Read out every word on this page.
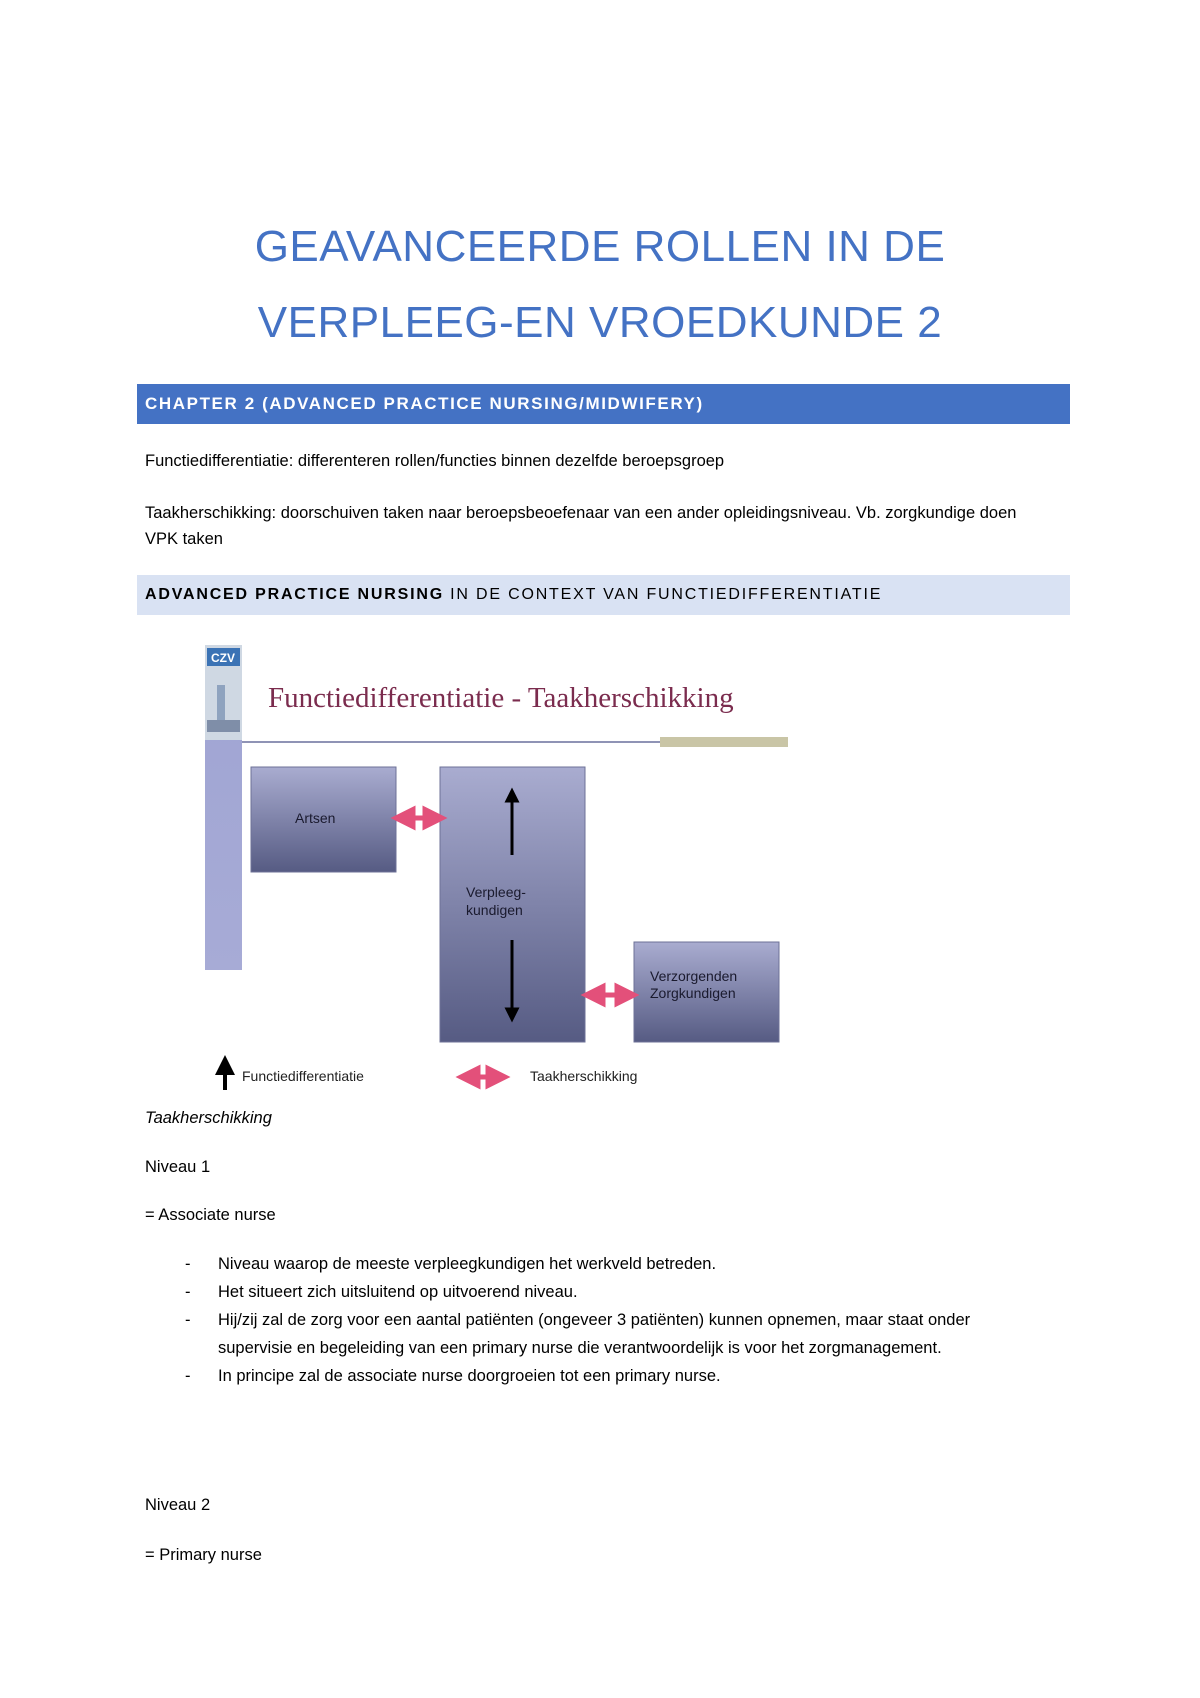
GEAVANCEERDE ROLLEN IN DE
VERPLEEG-EN VROEDKUNDE 2
CHAPTER 2 (ADVANCED PRACTICE NURSING/MIDWIFERY)
Functiedifferentiatie: differenteren rollen/functies binnen dezelfde beroepsgroep
Taakherschikking: doorschuiven taken naar beroepsbeoefenaar van een ander opleidingsniveau. Vb. zorgkundige doen VPK taken
ADVANCED PRACTICE NURSING IN DE CONTEXT VAN FUNCTIEDIFFERENTIATIE
CZV
Functiedifferentiatie - Taakherschikking
Artsen
Verpleeg-
kundigen
Verzorgenden
Zorgkundigen
Functiedifferentiatie	Taakherschikking
Taakherschikking
Niveau 1
= Associate nurse
- Niveau waarop de meeste verpleegkundigen het werkveld betreden.
- Het situeert zich uitsluitend op uitvoerend niveau.
- Hij/zij zal de zorg voor een aantal patiënten (ongeveer 3 patiënten) kunnen opnemen, maar staat onder supervisie en begeleiding van een primary nurse die verantwoordelijk is voor het zorgmanagement.
- In principe zal de associate nurse doorgroeien tot een primary nurse.
Niveau 2
= Primary nurse
